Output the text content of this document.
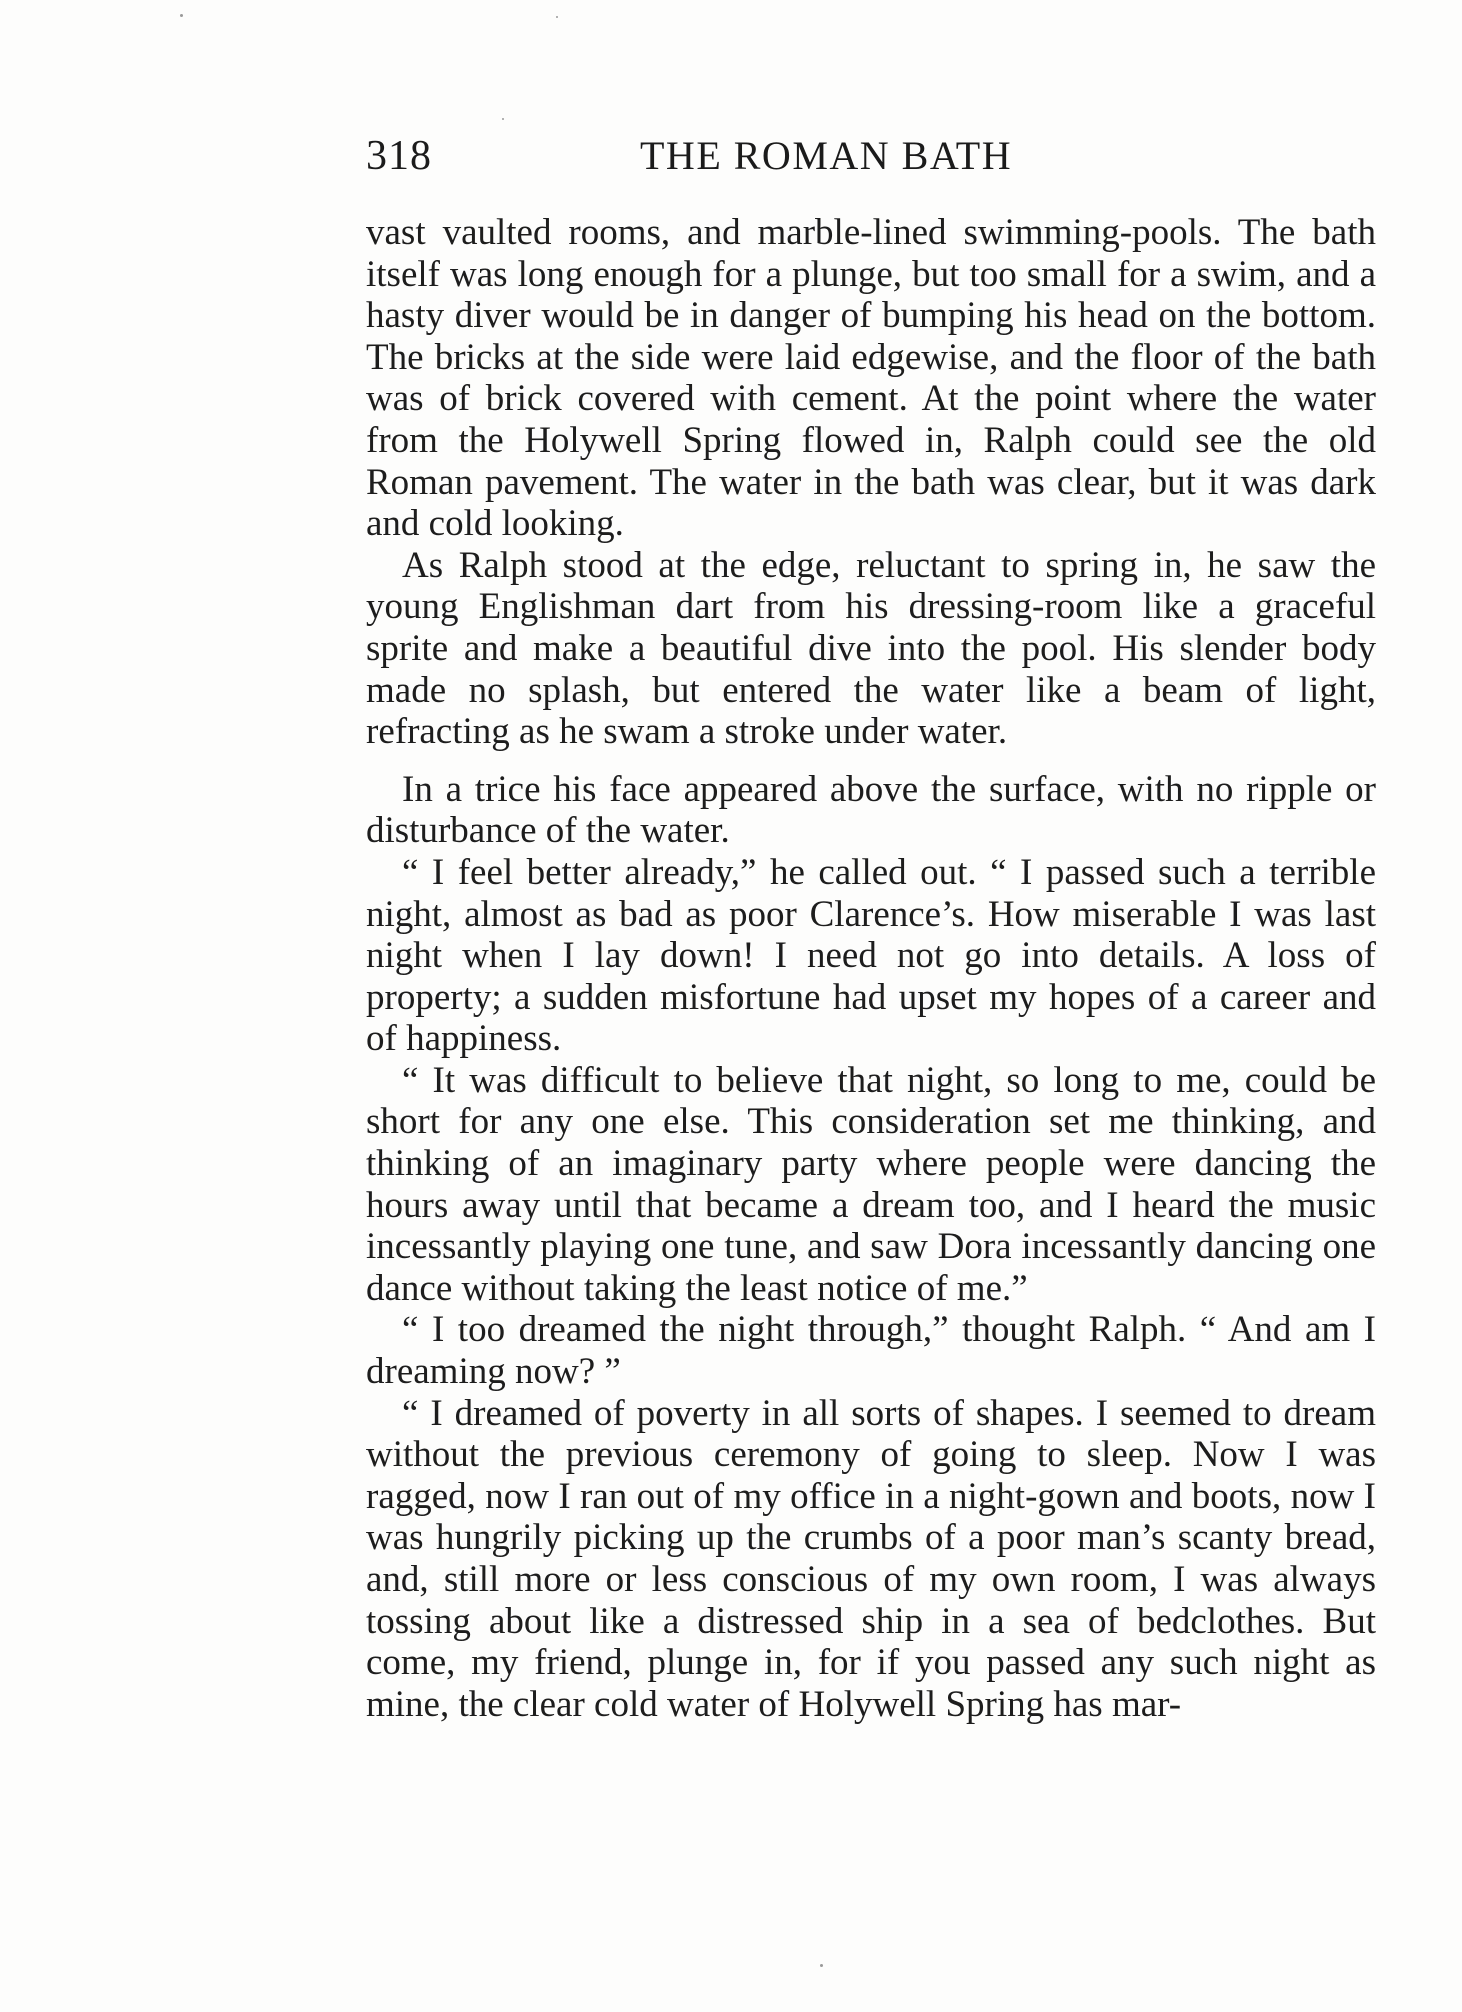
318	THE ROMAN BATH

vast vaulted rooms, and marble-lined swimming-pools. The bath itself was long enough for a plunge, but too small for a swim, and a hasty diver would be in danger of bumping his head on the bottom. The bricks at the side were laid edgewise, and the floor of the bath was of brick covered with cement. At the point where the water from the Holywell Spring flowed in, Ralph could see the old Roman pavement. The water in the bath was clear, but it was dark and cold looking.

As Ralph stood at the edge, reluctant to spring in, he saw the young Englishman dart from his dressing-room like a graceful sprite and make a beautiful dive into the pool. His slender body made no splash, but entered the water like a beam of light, refracting as he swam a stroke under water.

In a trice his face appeared above the surface, with no ripple or disturbance of the water.

“ I feel better already,” he called out. “ I passed such a terrible night, almost as bad as poor Clarence’s. How miserable I was last night when I lay down! I need not go into details. A loss of property; a sudden misfortune had upset my hopes of a career and of happiness.

“ It was difficult to believe that night, so long to me, could be short for any one else. This consideration set me thinking, and thinking of an imaginary party where people were dancing the hours away until that became a dream too, and I heard the music incessantly playing one tune, and saw Dora incessantly dancing one dance without taking the least notice of me.”

“ I too dreamed the night through,” thought Ralph. “ And am I dreaming now? ”

“ I dreamed of poverty in all sorts of shapes. I seemed to dream without the previous ceremony of going to sleep. Now I was ragged, now I ran out of my office in a night-gown and boots, now I was hungrily picking up the crumbs of a poor man’s scanty bread, and, still more or less conscious of my own room, I was always tossing about like a distressed ship in a sea of bedclothes. But come, my friend, plunge in, for if you passed any such night as mine, the clear cold water of Holywell Spring has mar-
